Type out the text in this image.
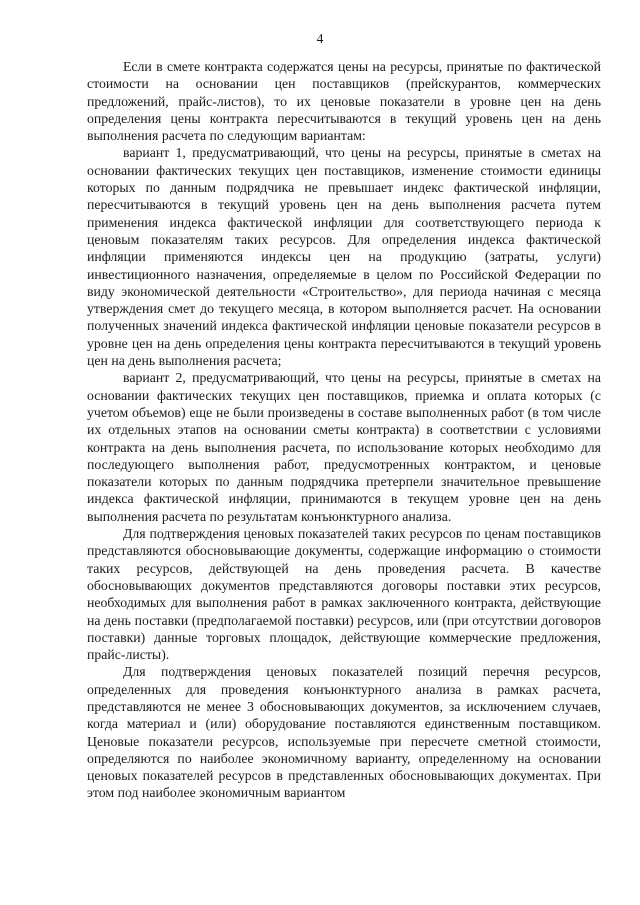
4

Если в смете контракта содержатся цены на ресурсы, принятые по фактической стоимости на основании цен поставщиков (прейскурантов, коммерческих предложений, прайс-листов), то их ценовые показатели в уровне цен на день определения цены контракта пересчитываются в текущий уровень цен на день выполнения расчета по следующим вариантам:

вариант 1, предусматривающий, что цены на ресурсы, принятые в сметах на основании фактических текущих цен поставщиков, изменение стоимости единицы которых по данным подрядчика не превышает индекс фактической инфляции, пересчитываются в текущий уровень цен на день выполнения расчета путем применения индекса фактической инфляции для соответствующего периода к ценовым показателям таких ресурсов. Для определения индекса фактической инфляции применяются индексы цен на продукцию (затраты, услуги) инвестиционного назначения, определяемые в целом по Российской Федерации по виду экономической деятельности «Строительство», для периода начиная с месяца утверждения смет до текущего месяца, в котором выполняется расчет. На основании полученных значений индекса фактической инфляции ценовые показатели ресурсов в уровне цен на день определения цены контракта пересчитываются в текущий уровень цен на день выполнения расчета;

вариант 2, предусматривающий, что цены на ресурсы, принятые в сметах на основании фактических текущих цен поставщиков, приемка и оплата которых (с учетом объемов) еще не были произведены в составе выполненных работ (в том числе их отдельных этапов на основании сметы контракта) в соответствии с условиями контракта на день выполнения расчета, по использование которых необходимо для последующего выполнения работ, предусмотренных контрактом, и ценовые показатели которых по данным подрядчика претерпели значительное превышение индекса фактической инфляции, принимаются в текущем уровне цен на день выполнения расчета по результатам конъюнктурного анализа.

Для подтверждения ценовых показателей таких ресурсов по ценам поставщиков представляются обосновывающие документы, содержащие информацию о стоимости таких ресурсов, действующей на день проведения расчета. В качестве обосновывающих документов представляются договоры поставки этих ресурсов, необходимых для выполнения работ в рамках заключенного контракта, действующие на день поставки (предполагаемой поставки) ресурсов, или (при отсутствии договоров поставки) данные торговых площадок, действующие коммерческие предложения, прайс-листы).

Для подтверждения ценовых показателей позиций перечня ресурсов, определенных для проведения конъюнктурного анализа в рамках расчета, представляются не менее 3 обосновывающих документов, за исключением случаев, когда материал и (или) оборудование поставляются единственным поставщиком. Ценовые показатели ресурсов, используемые при пересчете сметной стоимости, определяются по наиболее экономичному варианту, определенному на основании ценовых показателей ресурсов в представленных обосновывающих документах. При этом под наиболее экономичным вариантом
